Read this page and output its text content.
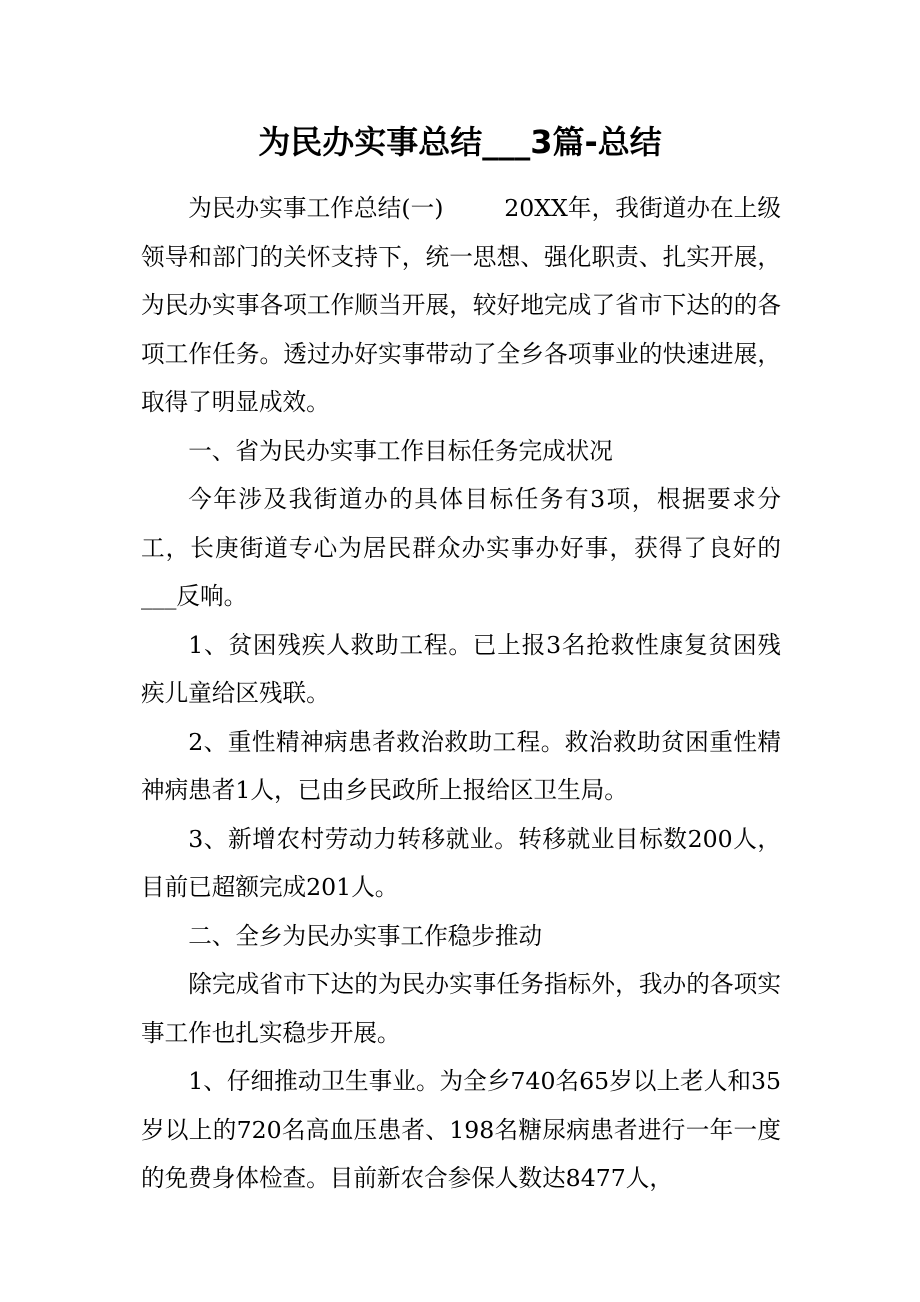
为民办实事总结___3篇-总结

为民办实事工作总结(一)        20XX年，我街道办在上级领导和部门的关怀支持下，统一思想、强化职责、扎实开展，为民办实事各项工作顺当开展，较好地完成了省市下达的的各项工作任务。透过办好实事带动了全乡各项事业的快速进展，取得了明显成效。

一、省为民办实事工作目标任务完成状况

今年涉及我街道办的具体目标任务有3项，根据要求分工，长庚街道专心为居民群众办实事办好事，获得了良好的___反响。

1、贫困残疾人救助工程。已上报3名抢救性康复贫困残疾儿童给区残联。

2、重性精神病患者救治救助工程。救治救助贫困重性精神病患者1人，已由乡民政所上报给区卫生局。

3、新增农村劳动力转移就业。转移就业目标数200人，目前已超额完成201人。

二、全乡为民办实事工作稳步推动

除完成省市下达的为民办实事任务指标外，我办的各项实事工作也扎实稳步开展。

1、仔细推动卫生事业。为全乡740名65岁以上老人和35岁以上的720名高血压患者、198名糖尿病患者进行一年一度的免费身体检查。目前新农合参保人数达8477人，
